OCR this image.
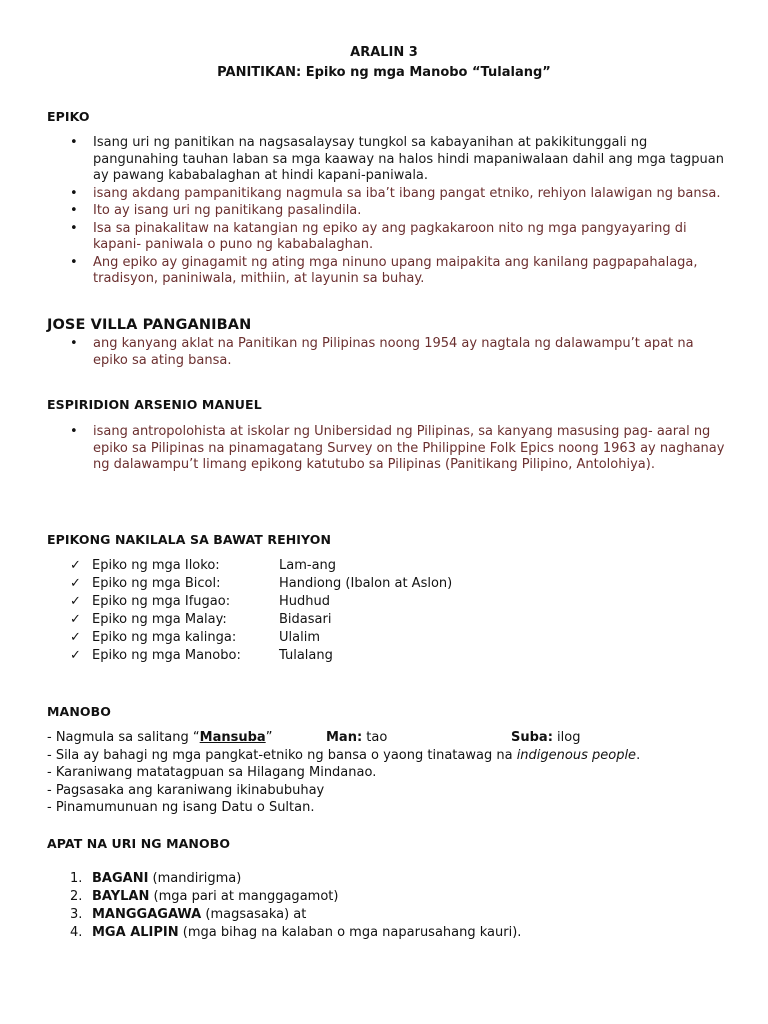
ARALIN 3
PANITIKAN: Epiko ng mga Manobo “Tulalang”
EPIKO
• Isang uri ng panitikan na nagsasalaysay tungkol sa kabayanihan at pakikitunggali ng pangunahing tauhan laban sa mga kaaway na halos hindi mapaniwalaan dahil ang mga tagpuan ay pawang kababalaghan at hindi kapani-paniwala.
• isang akdang pampanitikang nagmula sa iba’t ibang pangat etniko, rehiyon lalawigan ng bansa.
• Ito ay isang uri ng panitikang pasalindila.
• Isa sa pinakalitaw na katangian ng epiko ay ang pagkakaroon nito ng mga pangyayaring di kapani- paniwala o puno ng kababalaghan.
• Ang epiko ay ginagamit ng ating mga ninuno upang maipakita ang kanilang pagpapahalaga, tradisyon, paniniwala, mithiin, at layunin sa buhay.
JOSE VILLA PANGANIBAN
• ang kanyang aklat na Panitikan ng Pilipinas noong 1954 ay nagtala ng dalawampu’t apat na epiko sa ating bansa.
ESPIRIDION ARSENIO MANUEL
• isang antropolohista at iskolar ng Unibersidad ng Pilipinas, sa kanyang masusing pag- aaral ng epiko sa Pilipinas na pinamagatang Survey on the Philippine Folk Epics noong 1963 ay naghanay ng dalawampu’t limang epikong katutubo sa Pilipinas (Panitikang Pilipino, Antolohiya).
EPIKONG NAKILALA SA BAWAT REHIYON
✓ Epiko ng mga Iloko:	Lam-ang
✓ Epiko ng mga Bicol:	Handiong (Ibalon at Aslon)
✓ Epiko ng mga Ifugao:	Hudhud
✓ Epiko ng mga Malay:	Bidasari
✓ Epiko ng mga kalinga:	Ulalim
✓ Epiko ng mga Manobo:	Tulalang
MANOBO
- Nagmula sa salitang “Mansuba”	Man: tao	Suba: ilog
- Sila ay bahagi ng mga pangkat-etniko ng bansa o yaong tinatawag na indigenous people.
- Karaniwang matatagpuan sa Hilagang Mindanao.
- Pagsasaka ang karaniwang ikinabubuhay
- Pinamumunuan ng isang Datu o Sultan.
APAT NA URI NG MANOBO
1. BAGANI (mandirigma)
2. BAYLAN (mga pari at manggagamot)
3. MANGGAGAWA (magsasaka) at
4. MGA ALIPIN (mga bihag na kalaban o mga naparusahang kauri).
